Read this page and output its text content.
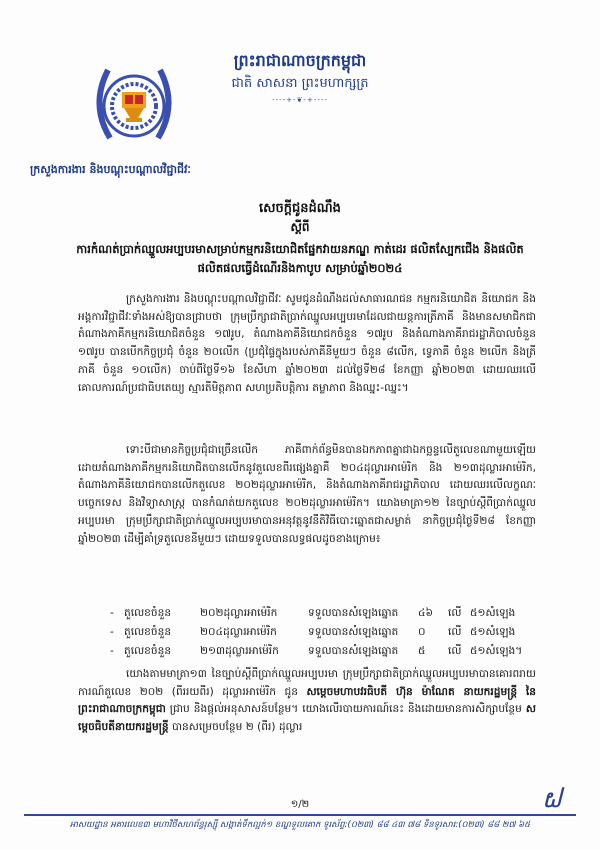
ព្រះរាជាណាចក្រកម្ពុជា
ជាតិ សាសនា ព្រះមហាក្សត្រ
----+-❦-+----
ក្រសួងការងារ និងបណ្តុះបណ្តាលវិជ្ជាជីវៈ
សេចក្តីជូនដំណឹង
ស្តីពី
ការកំណត់ប្រាក់ឈ្នួលអប្បបរមាសម្រាប់កម្មករនិយោជិតផ្នែកវាយនភណ្ឌ កាត់ដេរ ផលិតស្បែកជើង និងផលិតផលិតផលធ្វើដំណើរនិងកាបូប សម្រាប់ឆ្នាំ២០២៤
ក្រសួងការងារ និងបណ្តុះបណ្តាលវិជ្ជាជីវៈ សូមជូនដំណឹងដល់សាធារណជន កម្មករនិយោជិត និយោជក និងអង្គការវិជ្ជាជីវៈទាំងអស់ឱ្យបានជ្រាបថា ក្រុមប្រឹក្សាជាតិប្រាក់ឈ្នួលអប្បបរមាដែលជាយន្តការត្រីភាគី និងមានសមាជិកជាតំណាងភាគីកម្មករនិយោជិតចំនួន ១៧រូប, តំណាងភាគីនិយោជកចំនួន ១៧រូប និងតំណាងភាគីរាជរដ្ឋាភិបាលចំនួន ១៧រូប បានបើកកិច្ចប្រជុំ ចំនួន ២០លើក (ប្រជុំផ្ទៃក្នុងរបស់ភាគីនីមួយៗ ចំនួន ៨លើក, ទ្វេភាគី ចំនួន ២លើក និងត្រីភាគី ចំនួន ១០លើក) ចាប់ពីថ្ងៃទី១៦ ខែសីហា ឆ្នាំ២០២៣ ដល់ថ្ងៃទី២៨ ខែកញ្ញា ឆ្នាំ២០២៣ ដោយឈរលើគោលការណ៍ប្រជាធិបតេយ្យ ស្មារតីមិត្តភាព សហប្រតិបត្តិការ តម្លាភាព និងឈ្នះ-ឈ្នះ។
ទោះបីជាមានកិច្ចប្រជុំជាច្រើនលើក ភាគីពាក់ព័ន្ធមិនបានឯកភាពគ្នាជាឯកច្ឆន្ទលើតួលេខណាមួយឡើយ ដោយតំណាងភាគីកម្មករនិយោជិតបានលើកនូវតួលេខពីរផ្សេងគ្នាគឺ ២០៤ដុល្លារអាម៉េរិក និង ២១៣ដុល្លារអាម៉េរិក, តំណាងភាគីនិយោជកបានលើកតួលេខ ២០២ដុល្លារអាម៉េរិក, និងតំណាងភាគីរាជរដ្ឋាភិបាល ដោយឈរលើលក្ខណៈបច្ចេកទេស និងវិទ្យាសាស្ត្រ បានកំណត់យកតួលេខ ២០២ដុល្លារអាម៉េរិក។ យោងមាត្រា១២ នៃច្បាប់ស្តីពីប្រាក់ឈ្នួលអប្បបរមា ក្រុមប្រឹក្សាជាតិប្រាក់ឈ្នួលអប្បបរមាបានអនុវត្តនូវនីតិវិធីបោះឆ្នោតជាសម្ងាត់ នាកិច្ចប្រជុំថ្ងៃទី២៨ ខែកញ្ញា ឆ្នាំ២០២៣ ដើម្បីគាំទ្រតួលេខនីមួយៗ ដោយទទួលបានលទ្ធផលដូចខាងក្រោម៖
- តួលេខចំនួន	២០២ដុល្លារអាម៉េរិក	ទទួលបានសំឡេងឆ្នោត	៤៦	លើ ៥១សំឡេង
- តួលេខចំនួន	២០៤ដុល្លារអាម៉េរិក	ទទួលបានសំឡេងឆ្នោត	០	លើ ៥១សំឡេង
- តួលេខចំនួន	២១៣ដុល្លារអាម៉េរិក	ទទួលបានសំឡេងឆ្នោត	៥	លើ ៥១សំឡេង។
យោងតាមមាត្រា១៣ នៃច្បាប់ស្តីពីប្រាក់ឈ្នួលអប្បបរមា ក្រុមប្រឹក្សាជាតិប្រាក់ឈ្នួលអប្បបរមាបានគោរពរាយការណ៍តួលេខ ២០២ (ពីររយពីរ) ដុល្លារអាម៉េរិក ជូន សម្តេចមហាបវរធិបតី ហ៊ុន ម៉ាណែត នាយករដ្ឋមន្ត្រី នៃព្រះរាជាណាចក្រកម្ពុជា ជ្រាប និងផ្តល់អនុសាសន៍បន្ថែម។ យោងលើរបាយការណ៍នេះ និងដោយមានការសិក្សាបន្ថែម សម្តេចធិបតីនាយករដ្ឋមន្ត្រី បានសម្រេចបន្ថែម ២ (ពីរ) ដុល្លារ
១/២	ຝ
អាសយដ្ឋាន អគារលេខ៣ មហាវិថីសហព័ន្ធរុស្ស៊ី សង្កាត់ទឹកល្អក់១ ខណ្ឌទួលគោក ទូរស័ព្ទ:(០២៣) ៨៨ ៤៣ ៧៨ ទិនទូរសារ:(០២៣) ៨៨ ២៧ ៦៥
